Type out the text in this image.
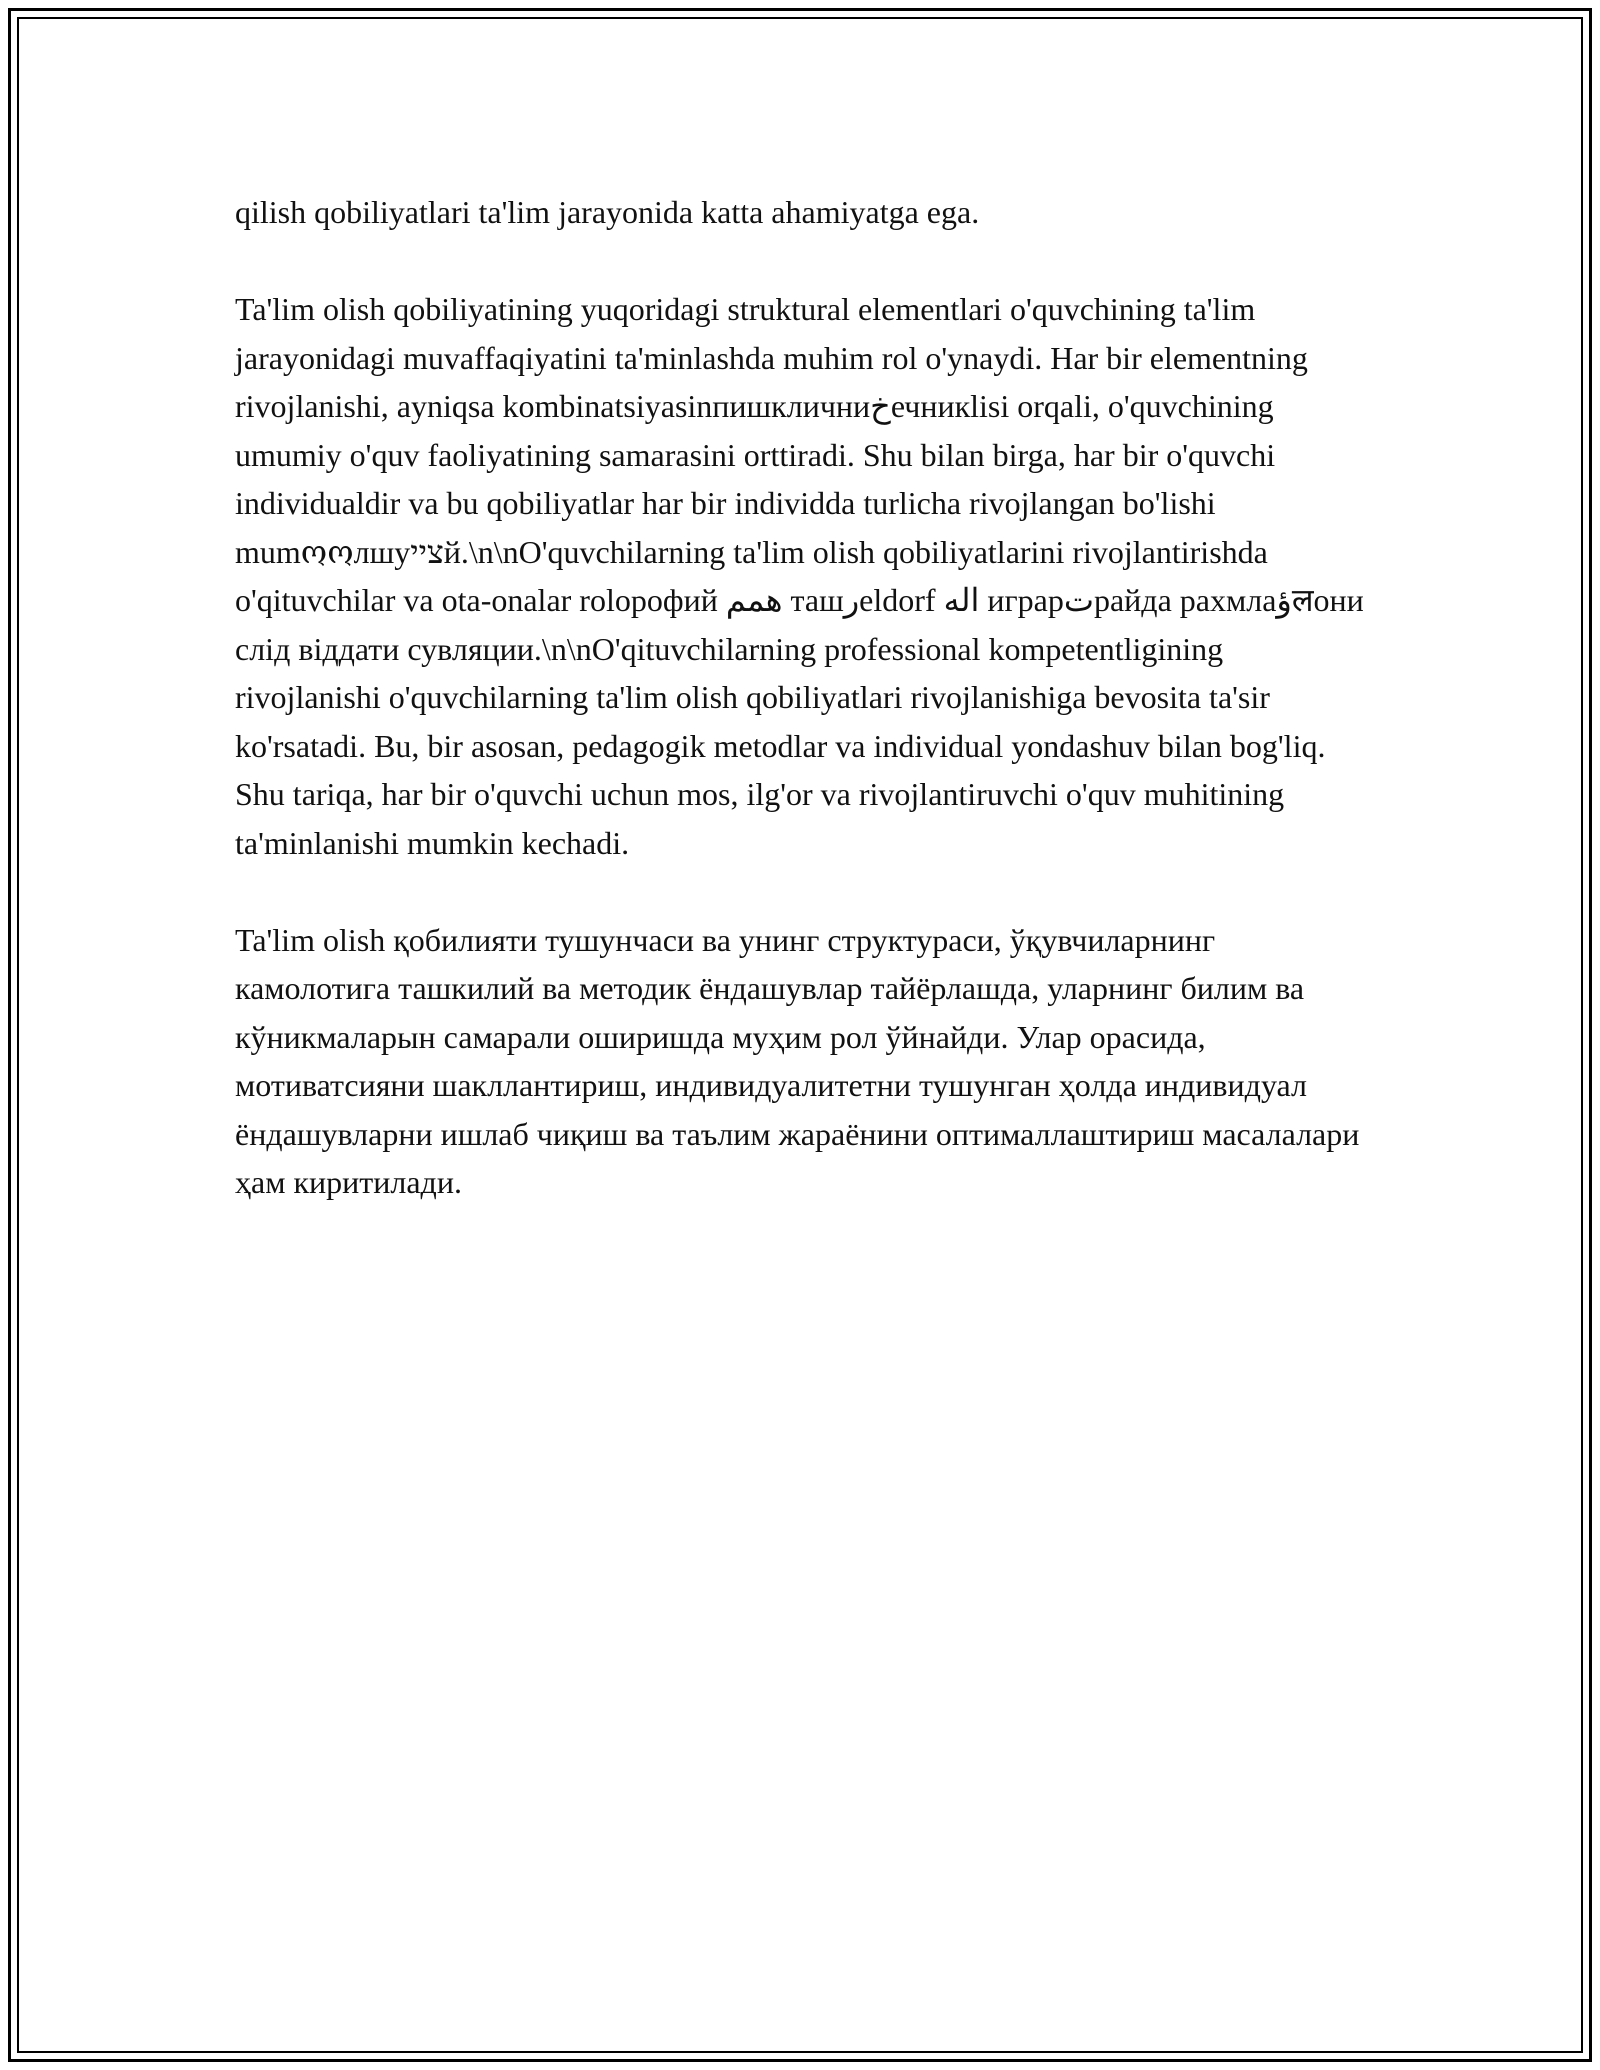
qilish qobiliyatlari ta'lim jarayonida katta ahamiyatga ega.

Ta'lim olish qobiliyatining yuqoridagi struktural elementlari o'quvchining ta'lim jarayonidagi muvaffaqiyatini ta'minlashda muhim rol o'ynaydi. Har bir elementning rivojlanishi, ayniqsa kombinatsiyasinпишкличниخечникlisi orqali, o'quvchining umumiy o'quv faoliyatining samarasini orttiradi. Shu bilan birga, har bir o'quvchi individualdir va bu qobiliyatlar har bir individda turlicha rivojlangan bo'lishi mumოოлшуצייй.\n\nO'quvchilarning ta'lim olish qobiliyatlarini rivojlantirishda o'qituvchilar va ota-onalar rolорофий همم ташرeldorf اله играрتрайда рахмлаؤलони слід віддати сувляции.\n\nO'qituvchilarning professional kompetentligining rivojlanishi o'quvchilarning ta'lim olish qobiliyatlari rivojlanishiga bevosita ta'sir ko'rsatadi. Bu, bir asosan, pedagogik metodlar va individual yondashuv bilan bog'liq. Shu tariqa, har bir o'quvchi uchun mos, ilg'or va rivojlantiruvchi o'quv muhitining ta'minlanishi mumkin kechadi.

Ta'lim olish қобилияти тушунчаси ва унинг структураси, ўқувчиларнинг камолотига ташкилий ва методик ёндашувлар тайёрлашда, уларнинг билим ва кўникмаларын самарали оширишда муҳим рол ўйнайди. Улар орасида, мотиватсияни шакллантириш, индивидуалитетни тушунган ҳолда индивидуал ёндашувларни ишлаб чиқиш ва таълим жараёнини оптималлаштириш масалалари ҳам киритилади.
